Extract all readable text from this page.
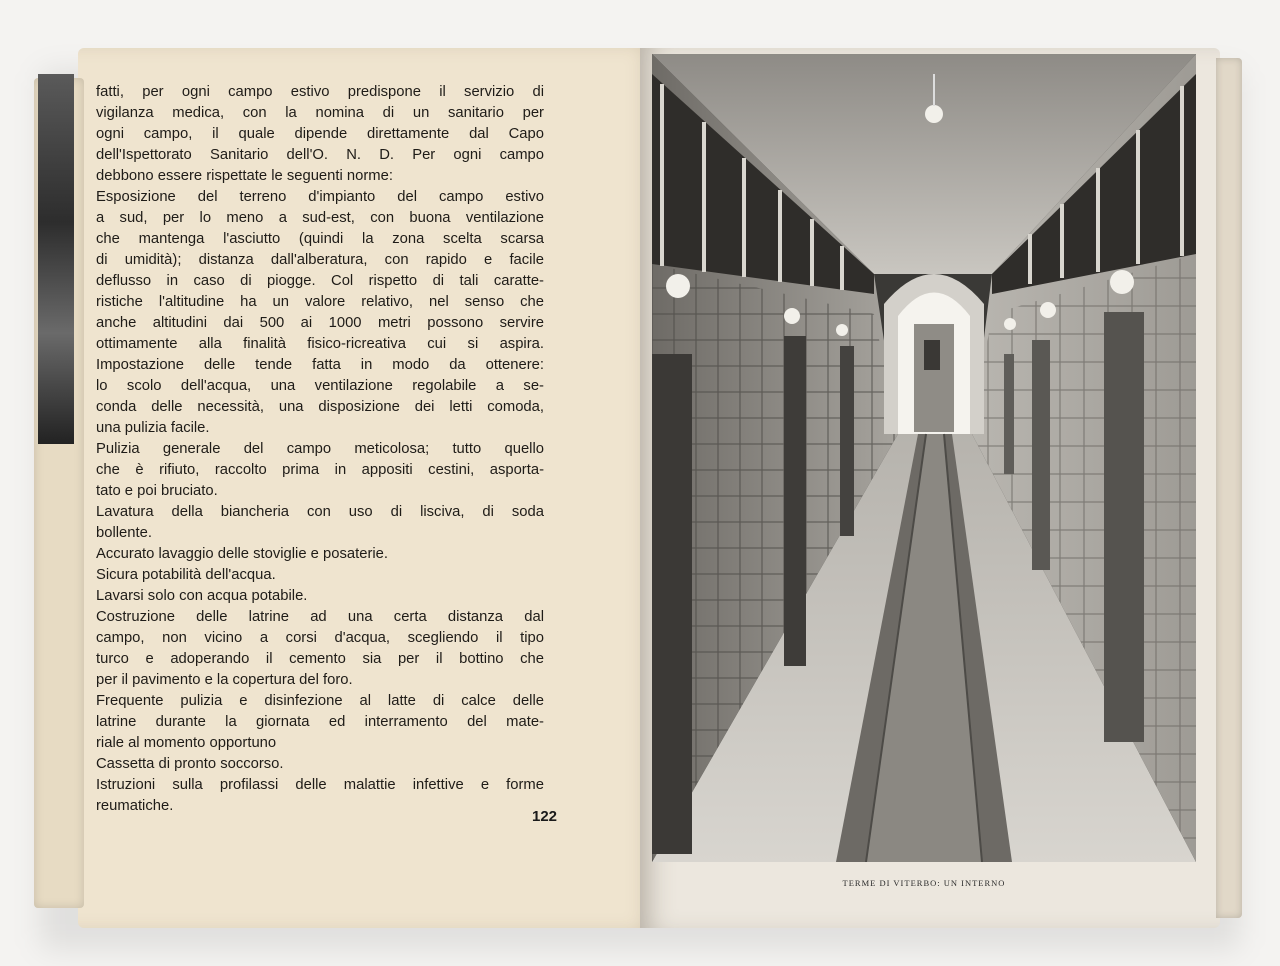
fatti, per ogni campo estivo predispone il servizio di
vigilanza medica, con la nomina di un sanitario per
ogni campo, il quale dipende direttamente dal Capo
dell'Ispettorato Sanitario dell'O. N. D. Per ogni campo
debbono essere rispettate le seguenti norme:
Esposizione del terreno d'impianto del campo estivo
a sud, per lo meno a sud-est, con buona ventilazione
che mantenga l'asciutto (quindi la zona scelta scarsa
di umidità); distanza dall'alberatura, con rapido e facile
deflusso in caso di piogge. Col rispetto di tali caratte-
ristiche l'altitudine ha un valore relativo, nel senso che
anche altitudini dai 500 ai 1000 metri possono servire
ottimamente alla finalità fisico-ricreativa cui si aspira.
Impostazione delle tende fatta in modo da ottenere:
lo scolo dell'acqua, una ventilazione regolabile a se-
conda delle necessità, una disposizione dei letti comoda,
una pulizia facile.
Pulizia generale del campo meticolosa; tutto quello
che è rifiuto, raccolto prima in appositi cestini, asporta-
tato e poi bruciato.
Lavatura della biancheria con uso di lisciva, di soda
bollente.
Accurato lavaggio delle stoviglie e posaterie.
Sicura potabilità dell'acqua.
Lavarsi solo con acqua potabile.
Costruzione delle latrine ad una certa distanza dal
campo, non vicino a corsi d'acqua, scegliendo il tipo
turco e adoperando il cemento sia per il bottino che
per il pavimento e la copertura del foro.
Frequente pulizia e disinfezione al latte di calce delle
latrine durante la giornata ed interramento del mate-
riale al momento opportuno
Cassetta di pronto soccorso.
Istruzioni sulla profilassi delle malattie infettive e forme
reumatiche.
122
TERME DI VITERBO: UN INTERNO
